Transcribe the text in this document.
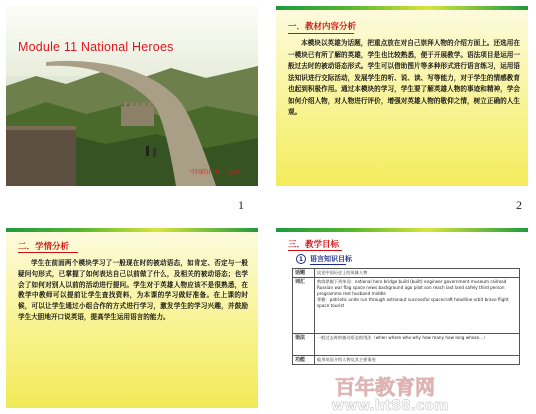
Module 11 National Heroes
中国的长城·八达岭
1
一．教材内容分析
本模块以英雄为话题，把重点放在对自己崇拜人物的介绍方面上。还选用在一模块已有所了解的英雄，学生也比较熟悉，便于开展教学。语法项目是运用一般过去时的被动语态形式。学生可以借助图片等多种形式进行语言练习，运用语法知识进行交际活动，发展学生的听、说、读、写等能力，对于学生的情感教育也起到积极作用。通过本模块的学习，学生要了解英雄人物的事迹和精神，学会如何介绍人物，对人物进行评价，增强对英雄人物的敬仰之情，树立正确的人生观。
2
二．学情分析
学生在前面两个模块学习了一般现在时的被动语态，如肯定、否定与一般疑问句形式，已掌握了如何表达自己以前做了什么，及相关的被动语态；也学会了如何对别人以前的活动进行提问。学生对于英雄人物应该不是很熟悉，在教学中教师可以提前让学生查找资料，为本课的学习做好准备。在上课的时候，可以让学生通过小组合作的方式进行学习，激发学生的学习兴趣，并鼓励学生大胆地开口说英语，提高学生运用语言的能力。
三．教学目标
1 语言知识目标
话题	谈论中国历史上的英雄人物
词汇	熟练掌握下列单词：national hero bridge build (built) engineer government museum railroad Russian war flag space news background ago pilot son reach last land safely third person programme rest husband middle
掌握：patriotic unite run through astronaut successful spacecraft headline orbit bravo flight space tourist
语法	一般过去时的被动语态的用法（when where who why how many how long whose...）
功能	能用英语介绍人物及其主要事迹
百年教育网
www.ht88.com
